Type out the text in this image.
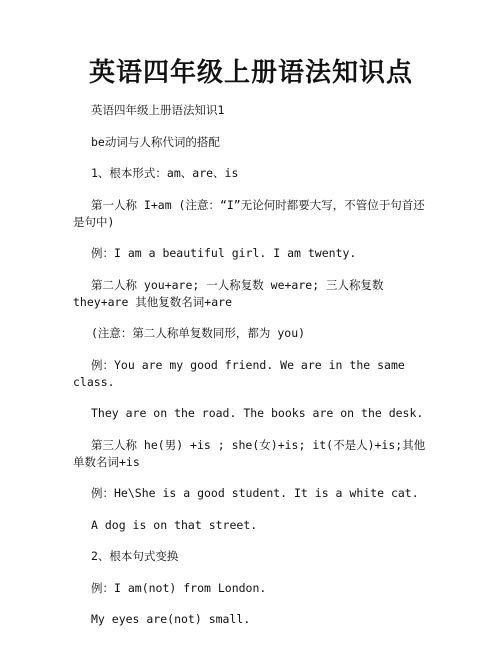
英语四年级上册语法知识点

英语四年级上册语法知识1

be动词与人称代词的搭配

1、根本形式：am、are、is

第一人称 I+am (注意：“I”无论何时都要大写，不管位于句首还是句中)

例：I am a beautiful girl. I am twenty.

第二人称 you+are; 一人称复数 we+are; 三人称复数 they+are 其他复数名词+are

(注意：第二人称单复数同形，都为 you)

例：You are my good friend. We are in the same class.

They are on the road. The books are on the desk.

第三人称 he(男) +is ; she(女)+is; it(不是人)+is;其他单数名词+is

例：He\She is a good student. It is a white cat.

A dog is on that street.

2、根本句式变换

例：I am(not) from London.

My eyes are(not) small.
